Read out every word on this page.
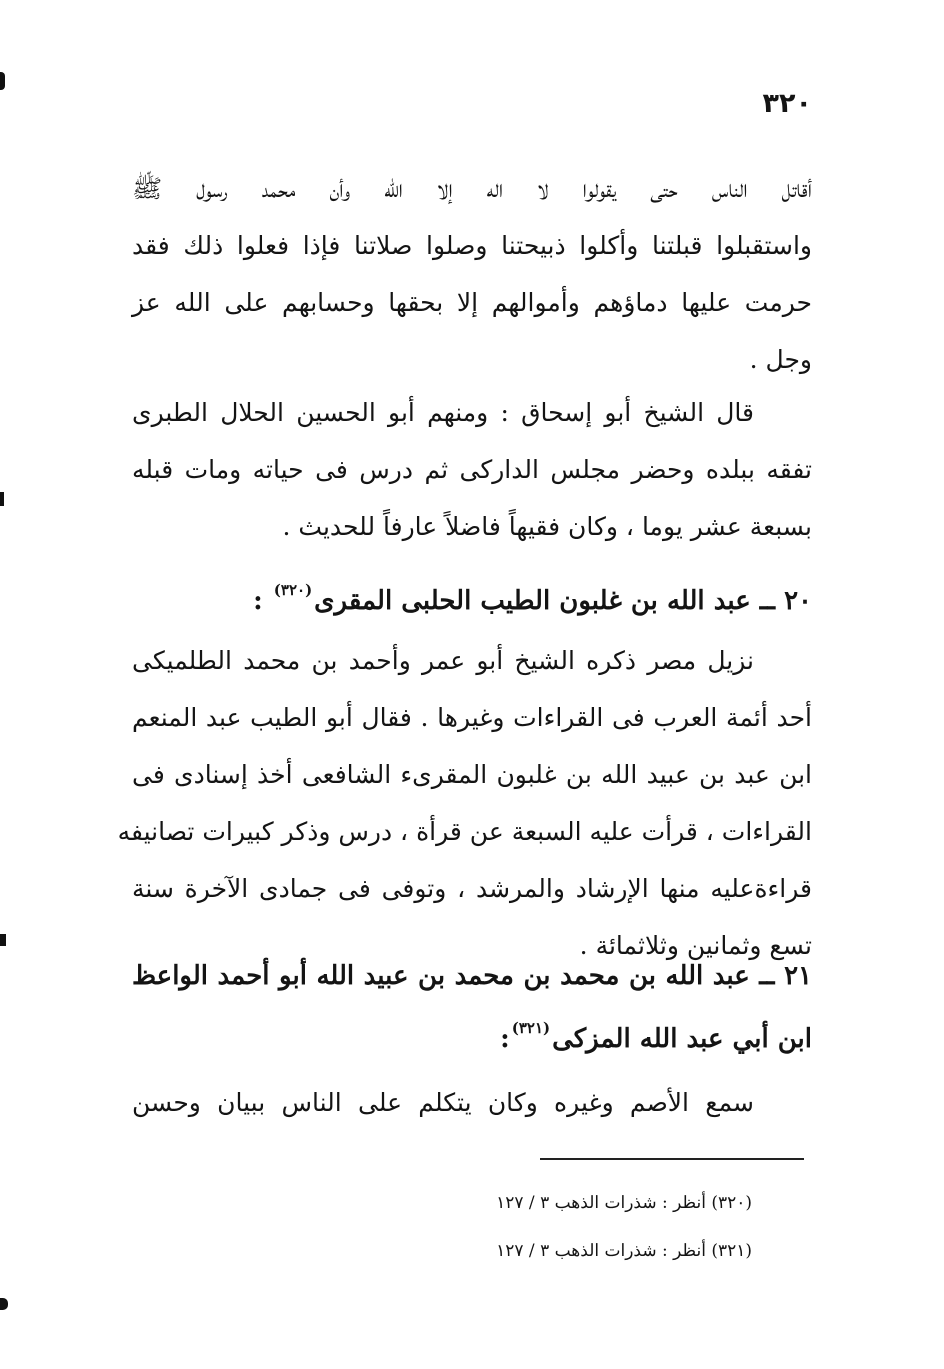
٣٢٠
أقاتل الناس حتى يقولوا لا اله إلا الله وأن محمد رسول ﷺ
واستقبلوا قبلتنا وأكلوا ذبيحتنا وصلوا صلاتنا فإذا فعلوا ذلك فقد
حرمت عليها دماؤهم وأموالهم إلا بحقها وحسابهم على الله عز
وجل .
قال الشيخ أبو إسحاق : ومنهم أبو الحسين الحلال الطبرى
تفقه ببلده وحضر مجلس الداركى ثم درس فى حياته ومات قبله
بسبعة عشر يوما ، وكان فقيهاً فاضلاً عارفاً للحديث .
٢٠ ــ عبد الله بن غلبون الطيب الحلبى المقرى$^{(٣٢٠)}$ :
نزيل مصر ذكره الشيخ أبو عمر وأحمد بن محمد الطلميكى
أحد أئمة العرب فى القراءات وغيرها . فقال أبو الطيب عبد المنعم
ابن عبد بن عبيد الله بن غلبون المقرىء الشافعى أخذ إسنادى فى
القراءات ، قرأت عليه السبعة عن قرأة ، درس وذكر كبيرات تصانيفه
قراءةعليه منها الإرشاد والمرشد ، وتوفى فى جمادى الآخرة سنة
تسع وثمانين وثلاثمائة .
٢١ ــ عبد الله بن محمد بن محمد بن عبيد الله أبو أحمد الواعظ
ابن أبي عبد الله المزكى$^{(٣٢١)}$:
سمع الأصم وغيره وكان يتكلم على الناس ببيان وحسن
(٣٢٠) أنظر : شذرات الذهب ٣ / ١٢٧
(٣٢١) أنظر : شذرات الذهب ٣ / ١٢٧
